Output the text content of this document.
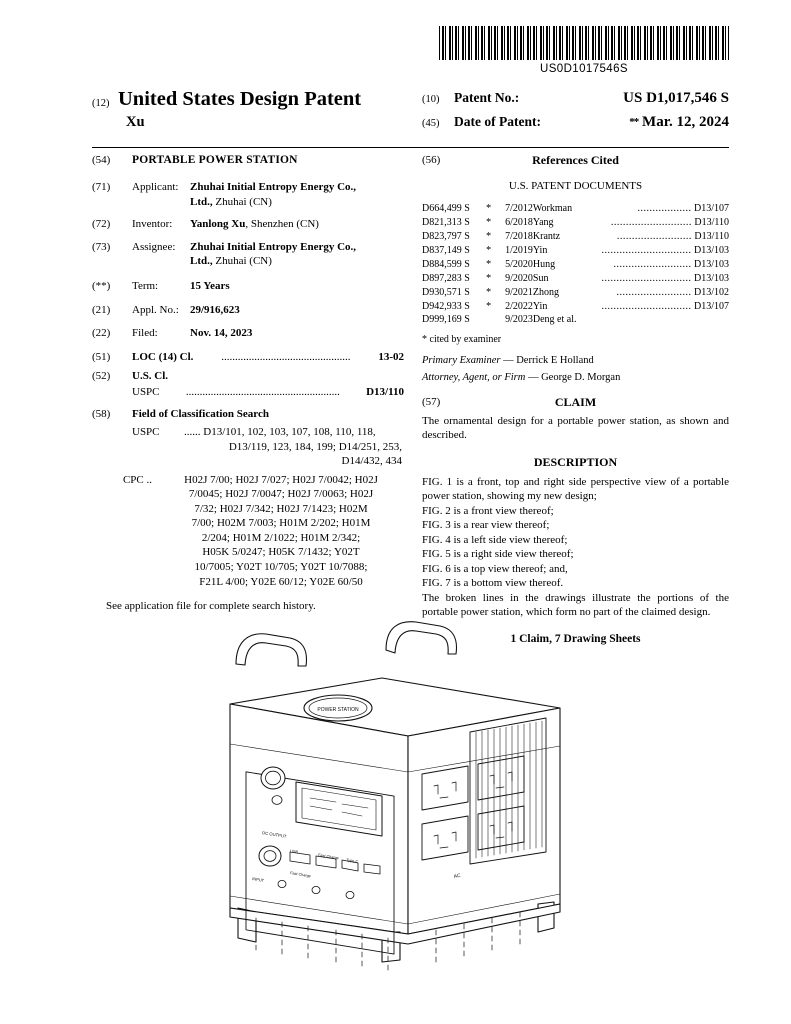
US0D1017546S
(12) United States Design Patent
Xu
(10)	Patent No.:	US D1,017,546 S
(45)	Date of Patent:	** Mar. 12, 2024
(54)	PORTABLE POWER STATION
(71)	Applicant:	Zhuhai Initial Entropy Energy Co.,
Ltd., Zhuhai (CN)
(72)	Inventor:	Yanlong Xu, Shenzhen (CN)
(73)	Assignee:	Zhuhai Initial Entropy Energy Co.,
Ltd., Zhuhai (CN)
(**)	Term:	15 Years
(21)	Appl. No.:	29/916,623
(22)	Filed:	Nov. 14, 2023
(51)	LOC (14) Cl.	...............................................	13-02
(52)	U.S. Cl.
USPC ........................................................ D13/110
(58)	Field of Classification Search
USPC	...... D13/101, 102, 103, 107, 108, 110, 118,
D13/119, 123, 184, 199; D14/251, 253,
D14/432, 434
CPC ..	H02J 7/00; H02J 7/027; H02J 7/0042; H02J
7/0045; H02J 7/0047; H02J 7/0063; H02J
7/32; H02J 7/342; H02J 7/1423; H02M
7/00; H02M 7/003; H01M 2/202; H01M
2/204; H01M 2/1022; H01M 2/342;
H05K 5/0247; H05K 7/1432; Y02T
10/7005; Y02T 10/705; Y02T 10/7088;
F21L 4/00; Y02E 60/12; Y02E 60/50
See application file for complete search history.
(56)	References Cited
U.S. PATENT DOCUMENTS
D664,499 S	*	7/2012	Workman	.................. D13/107
D821,313 S	*	6/2018	Yang	........................... D13/110
D823,797 S	*	7/2018	Krantz	......................... D13/110
D837,149 S	*	1/2019	Yin	.............................. D13/103
D884,599 S	*	5/2020	Hung	.......................... D13/103
D897,283 S	*	9/2020	Sun	.............................. D13/103
D930,571 S	*	9/2021	Zhong	......................... D13/102
D942,933 S	*	2/2022	Yin	.............................. D13/107
D999,169 S		9/2023	Deng et al.	
* cited by examiner
Primary Examiner — Derrick E Holland
Attorney, Agent, or Firm — George D. Morgan
(57)	CLAIM
The ornamental design for a portable power station, as shown and described.
DESCRIPTION

FIG. 1 is a front, top and right side perspective view of a portable power station, showing my new design;

FIG. 2 is a front view thereof;

FIG. 3 is a rear view thereof;

FIG. 4 is a left side view thereof;

FIG. 5 is a right side view thereof;

FIG. 6 is a top view thereof; and,

FIG. 7 is a bottom view thereof.

The broken lines in the drawings illustrate the portions of the portable power station, which form no part of the claimed design.

1 Claim, 7 Drawing Sheets
POWER STATION
DC OUTPUT
USB
Fast Charge
Type-C
Fast Charge
INPUT	AC
